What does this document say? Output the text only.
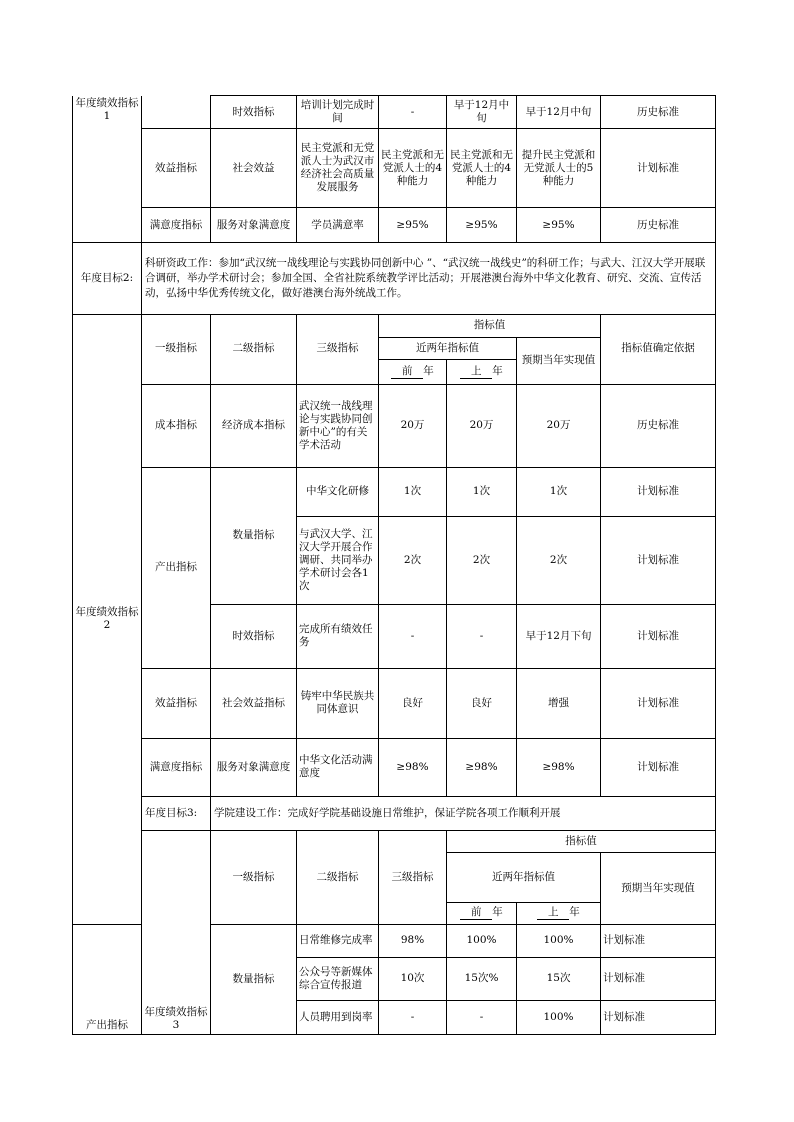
年度绩效指标1		时效指标	培训计划完成时间	-	早于12月中旬	早于12月中旬	历史标准
	效益指标	社会效益	民主党派和无党派人士为武汉市经济社会高质量发展服务	民主党派和无党派人士的4种能力	民主党派和无党派人士的4种能力	提升民主党派和无党派人士的5种能力	计划标准
	满意度指标	服务对象满意度	学员满意率	≥95%	≥95%	≥95%	历史标准
年度目标2:	科研资政工作：参加“武汉统一战线理论与实践协同创新中心 ”、“武汉统一战线史”的科研工作；与武大、江汉大学开展联合调研，举办学术研讨会；参加全国、全省社院系统教学评比活动；开展港澳台海外中华文化教育、研究、交流、宣传活动，弘扬中华优秀传统文化，做好港澳台海外统战工作。						
年度绩效指标2	一级指标	二级指标	三级指标	指标值			指标值确定依据	
				近两年指标值		预期当年实现值		
				前 年	上 年			
	成本指标	经济成本指标	武汉统一战线理论与实践协同创新中心”的有关学术活动	20万	20万	20万	历史标准	
	产出指标	数量指标	中华文化研修	1次	1次	1次	计划标准	
			与武汉大学、江汉大学开展合作调研、共同举办学术研讨会各1次	2次	2次	2次	计划标准	
		时效指标	完成所有绩效任务	-	-	早于12月下旬	计划标准	
	效益指标	社会效益指标	铸牢中华民族共同体意识	良好	良好	增强	计划标准	
	满意度指标	服务对象满意度	中华文化活动满意度	≥98%	≥98%	≥98%	计划标准	
	年度目标3:	学院建设工作：完成好学院基础设施日常维护，保证学院各项工作顺利开展						
	年度绩效指标3	一级指标	二级指标	三级指标	指标值	
					近两年指标值		预期当年实现值	
					前 年	上 年		
产出指标		数量指标	日常维修完成率	98%	100%	100%	计划标准	
			公众号等新媒体综合宣传报道	10次	15次%	15次	计划标准	
			人员聘用到岗率	-	-	100%	计划标准	
